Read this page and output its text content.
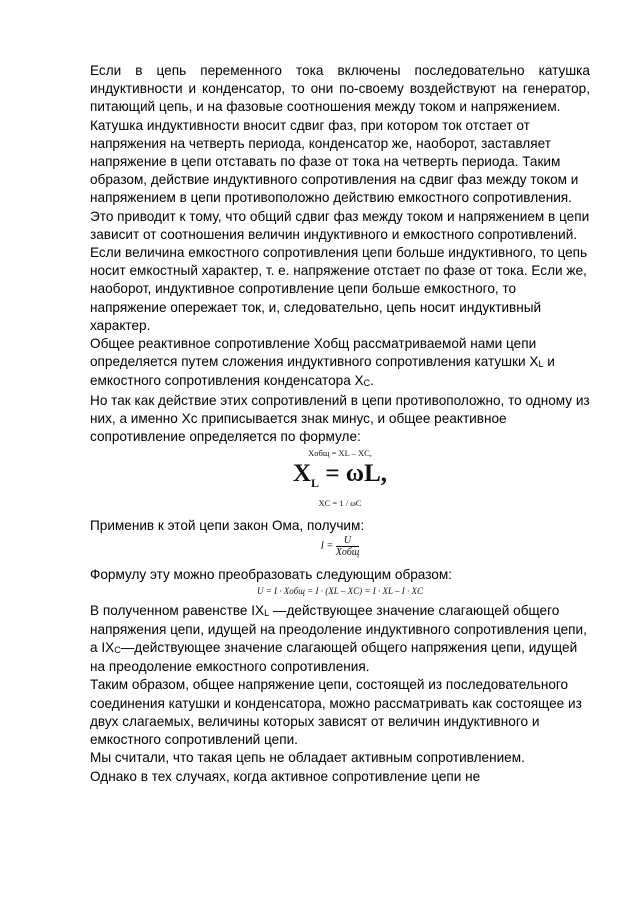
Если в цепь переменного тока включены последовательно катушка индуктивности и конденсатор, то они по-своему воздействуют на генератор, питающий цепь, и на фазовые соотношения между током и напряжением.

Катушка индуктивности вносит сдвиг фаз, при котором ток отстает от напряжения на четверть периода, конденсатор же, наоборот, заставляет напряжение в цепи отставать по фазе от тока на четверть периода. Таким образом, действие индуктивного сопротивления на сдвиг фаз между током и напряжением в цепи противоположно действию емкостного сопротивления.

Это приводит к тому, что общий сдвиг фаз между током и напряжением в цепи зависит от соотношения величин индуктивного и емкостного сопротивлений.

Если величина емкостного сопротивления цепи больше индуктивного, то цепь носит емкостный характер, т. е. напряжение отстает по фазе от тока. Если же, наоборот, индуктивное сопротивление цепи больше емкостного, то напряжение опережает ток, и, следовательно, цепь носит индуктивный характер.

Общее реактивное сопротивление Хобщ рассматриваемой нами цепи определяется путем сложения индуктивного сопротивления катушки $X_L$ и емкостного сопротивления конденсатора $X_C$.

Но так как действие этих сопротивлений в цепи противоположно, то одному из них, а именно Xc приписывается знак минус, и общее реактивное сопротивление определяется по формуле:

Xобщ = XL – XC,
$X_L = \omega L$,
XC = 1 / ωC

Применив к этой цепи закон Ома, получим:

$I = \frac{U}{\text{Xобщ}}$

Формулу эту можно преобразовать следующим образом:

U = I · Xобщ = I · (XL – XC) = I · XL – I · XC

В полученном равенстве $IX_L$ —действующее значение слагающей общего напряжения цепи, идущей на преодоление индуктивного сопротивления цепи, а $IX_C—действующее$ значение слагающей общего напряжения цепи, идущей на преодоление емкостного сопротивления.

Таким образом, общее напряжение цепи, состоящей из последовательного соединения катушки и конденсатора, можно рассматривать как состоящее из двух слагаемых, величины которых зависят от величин индуктивного и емкостного сопротивлений цепи.

Мы считали, что такая цепь не обладает активным сопротивлением.

Однако в тех случаях, когда активное сопротивление цепи не
